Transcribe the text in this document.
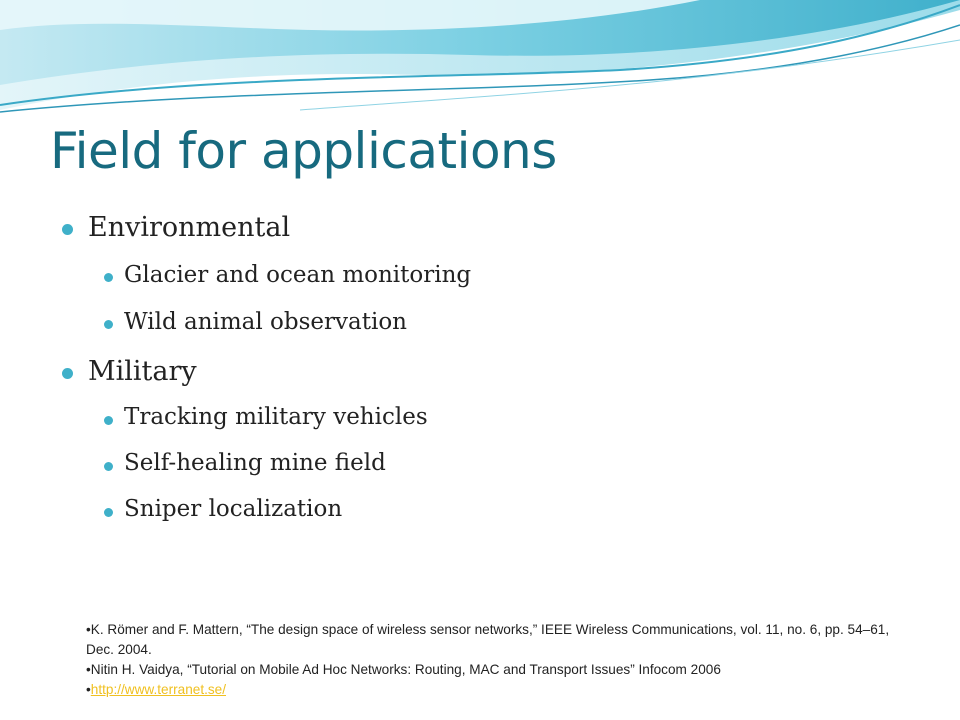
Field for applications
Environmental
Glacier and ocean monitoring
Wild animal observation
Military
Tracking military vehicles
Self-healing mine field
Sniper localization
•K. Römer and F. Mattern, “The design space of wireless sensor networks,” IEEE Wireless Communications, vol. 11, no. 6, pp. 54–61, Dec. 2004.
•Nitin H. Vaidya, “Tutorial on Mobile Ad Hoc Networks: Routing, MAC and Transport Issues” Infocom 2006
•http://www.terranet.se/
